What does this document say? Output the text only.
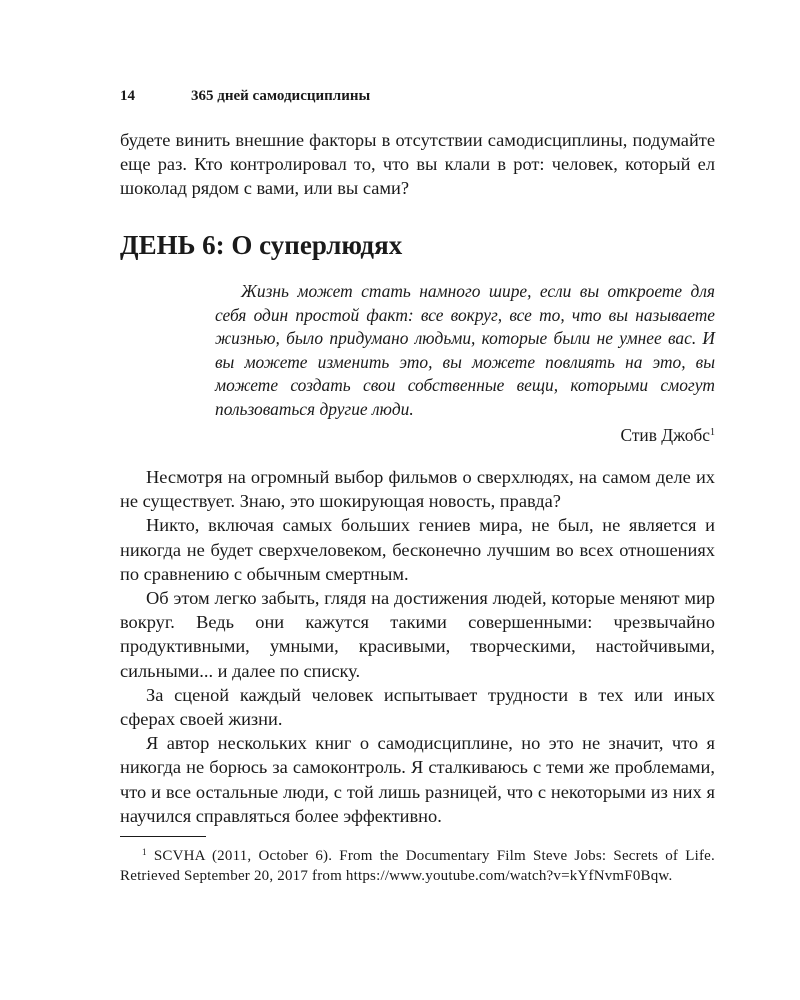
14	365 дней самодисциплины

будете винить внешние факторы в отсутствии самодисциплины, подумайте еще раз. Кто контролировал то, что вы клали в рот: человек, который ел шоколад рядом с вами, или вы сами?

ДЕНЬ 6: О суперлюдях

Жизнь может стать намного шире, если вы откроете для себя один простой факт: все вокруг, все то, что вы называете жизнью, было придумано людьми, которые были не умнее вас. И вы можете изменить это, вы можете повлиять на это, вы можете создать свои собственные вещи, которыми смогут пользоваться другие люди.

Стив Джобс$^1$

Несмотря на огромный выбор фильмов о сверхлюдях, на самом деле их не существует. Знаю, это шокирующая новость, правда?

Никто, включая самых больших гениев мира, не был, не является и никогда не будет сверхчеловеком, бесконечно лучшим во всех отношениях по сравнению с обычным смертным.

Об этом легко забыть, глядя на достижения людей, которые меняют мир вокруг. Ведь они кажутся такими совершенными: чрезвычайно продуктивными, умными, красивыми, творческими, настойчивыми, сильными... и далее по списку.

За сценой каждый человек испытывает трудности в тех или иных сферах своей жизни.

Я автор нескольких книг о самодисциплине, но это не значит, что я никогда не борюсь за самоконтроль. Я сталкиваюсь с теми же проблемами, что и все остальные люди, с той лишь разницей, что с некоторыми из них я научился справляться более эффективно.

$^1$ SCVHA (2011, October 6). From the Documentary Film Steve Jobs: Secrets of Life. Retrieved September 20, 2017 from https://www.youtube.com/watch?v=kYfNvmF0Bqw.
